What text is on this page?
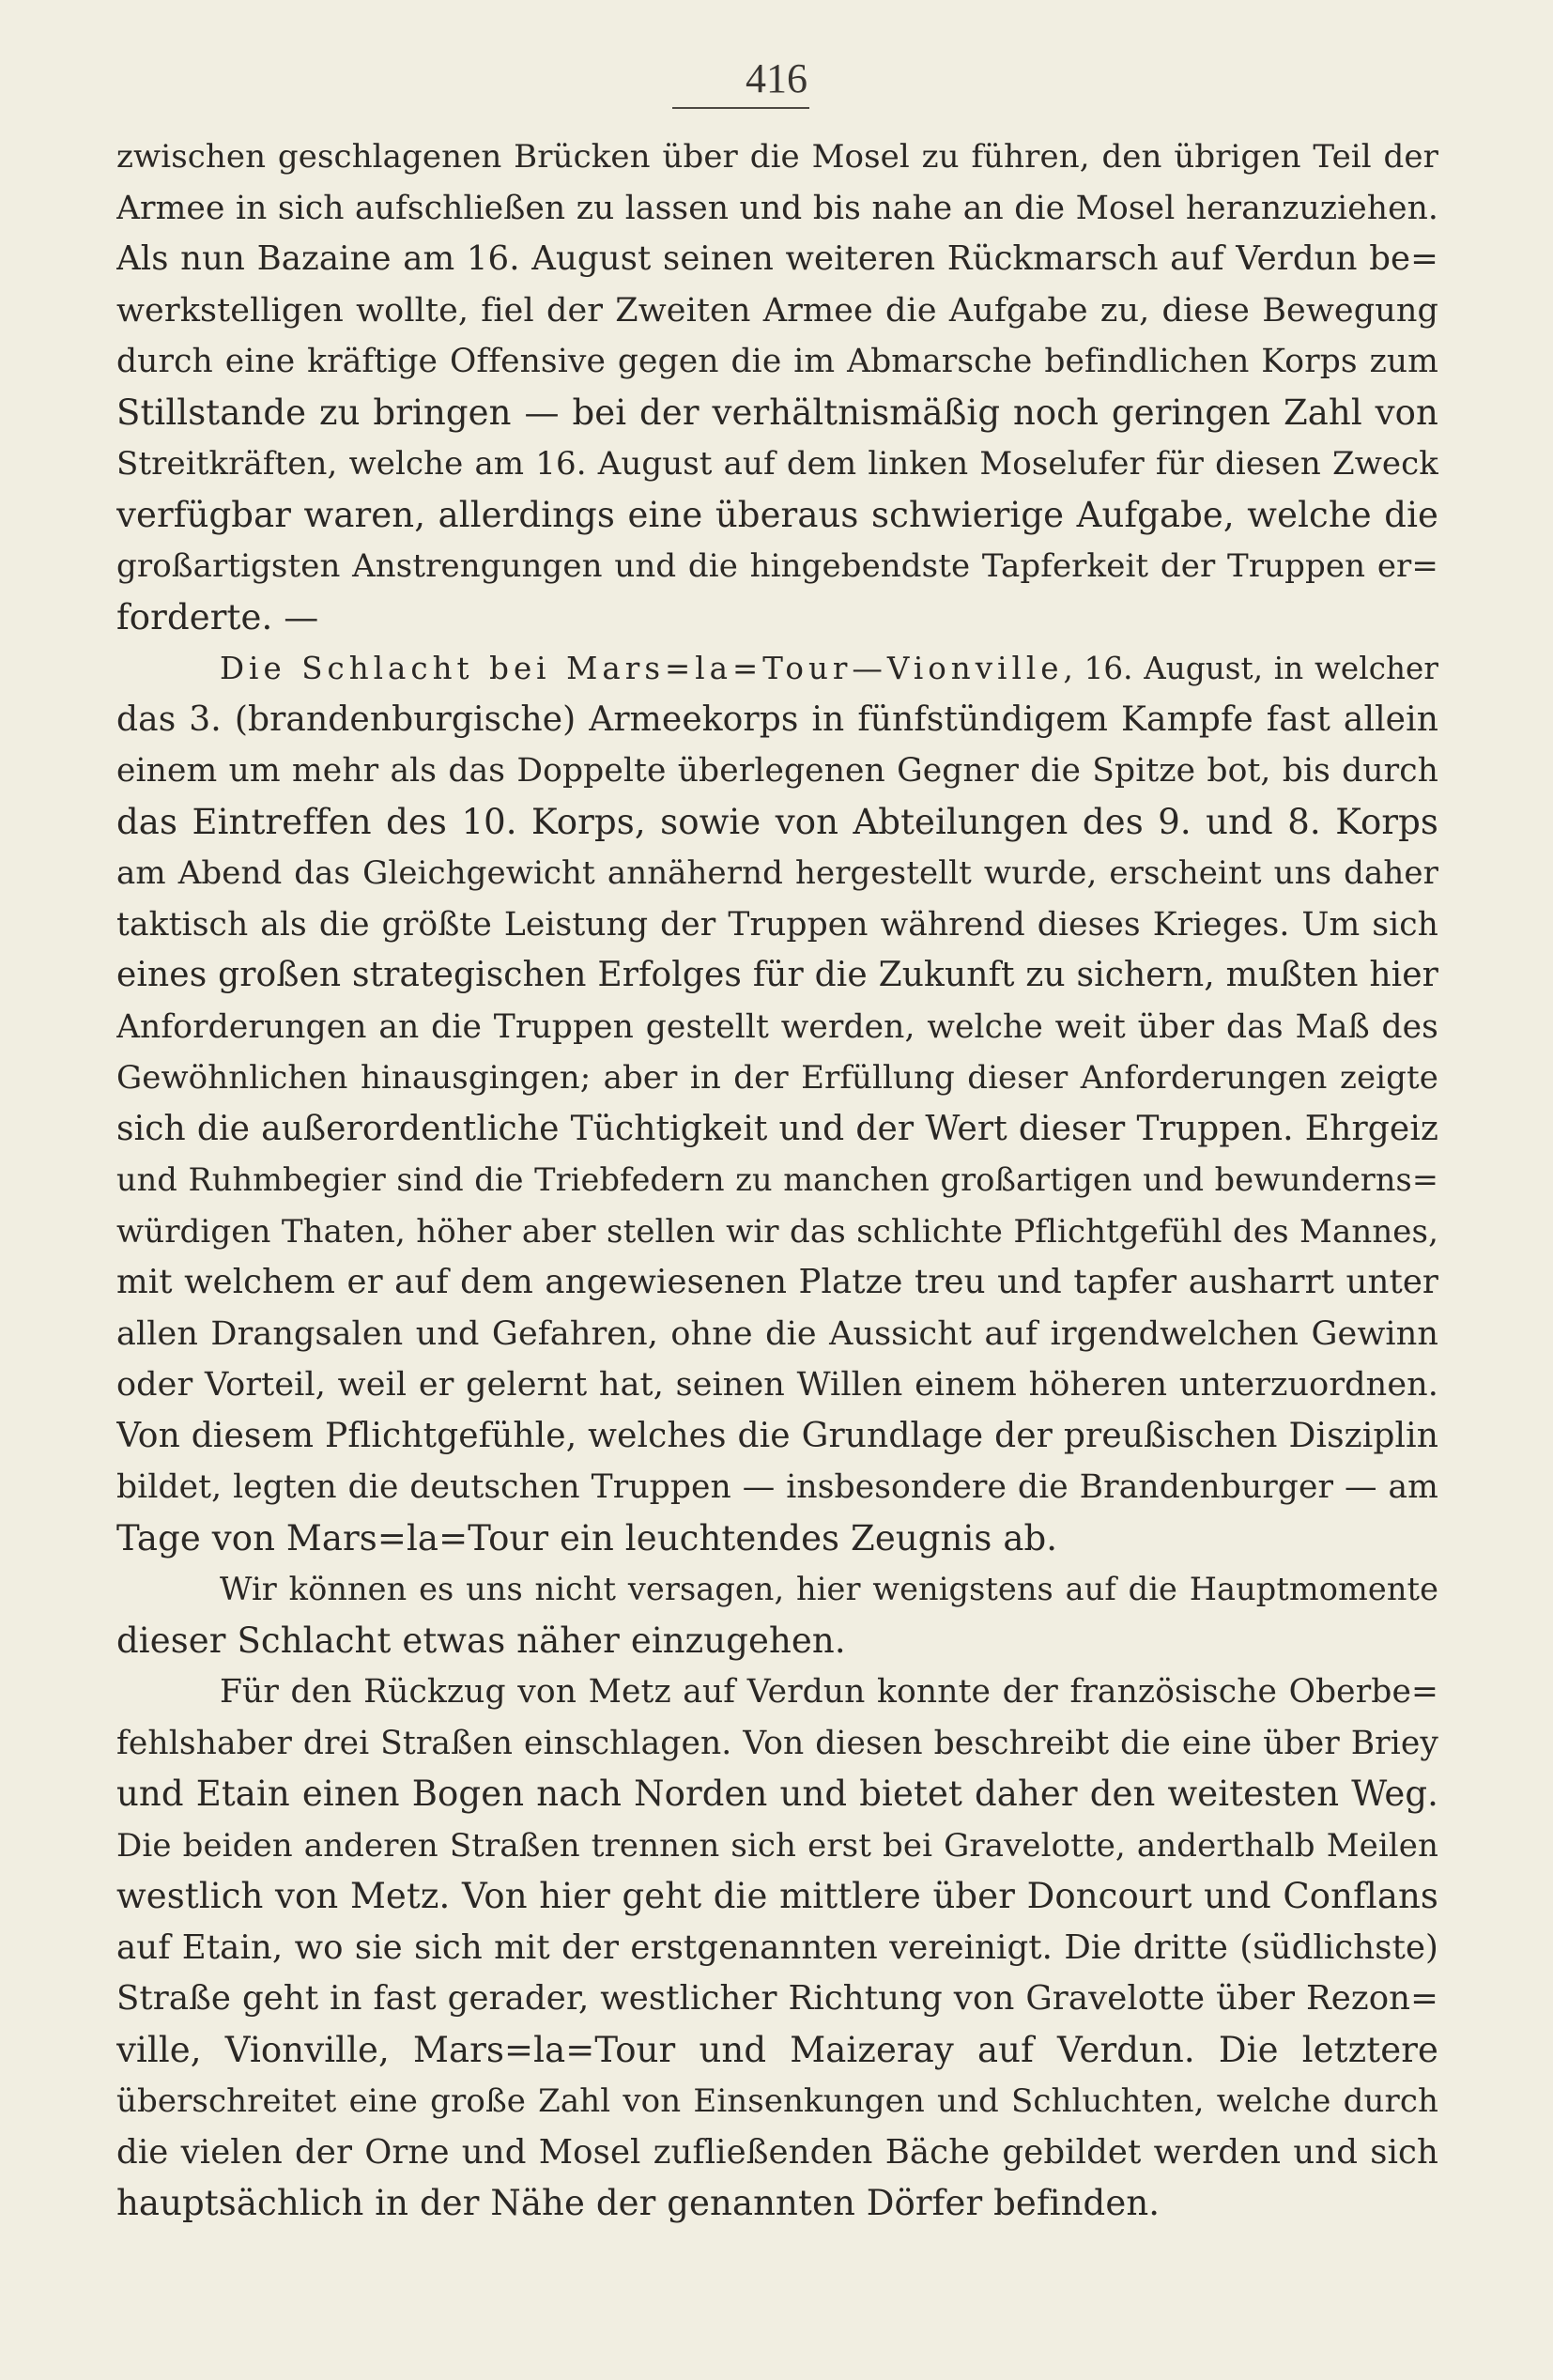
416
zwischen geschlagenen Brücken über die Mosel zu führen, den übrigen Teil der
Armee in sich aufschließen zu lassen und bis nahe an die Mosel heranzuziehen.
Als nun Bazaine am 16. August seinen weiteren Rückmarsch auf Verdun be=
werkstelligen wollte, fiel der Zweiten Armee die Aufgabe zu, diese Bewegung
durch eine kräftige Offensive gegen die im Abmarsche befindlichen Korps zum
Stillstande zu bringen — bei der verhältnismäßig noch geringen Zahl von
Streitkräften, welche am 16. August auf dem linken Moselufer für diesen Zweck
verfügbar waren, allerdings eine überaus schwierige Aufgabe, welche die
großartigsten Anstrengungen und die hingebendste Tapferkeit der Truppen er=
forderte. —
Die Schlacht bei Mars=la=Tour—Vionville, 16. August, in welcher
das 3. (brandenburgische) Armeekorps in fünfstündigem Kampfe fast allein
einem um mehr als das Doppelte überlegenen Gegner die Spitze bot, bis durch
das Eintreffen des 10. Korps, sowie von Abteilungen des 9. und 8. Korps
am Abend das Gleichgewicht annähernd hergestellt wurde, erscheint uns daher
taktisch als die größte Leistung der Truppen während dieses Krieges. Um sich
eines großen strategischen Erfolges für die Zukunft zu sichern, mußten hier
Anforderungen an die Truppen gestellt werden, welche weit über das Maß des
Gewöhnlichen hinausgingen; aber in der Erfüllung dieser Anforderungen zeigte
sich die außerordentliche Tüchtigkeit und der Wert dieser Truppen. Ehrgeiz
und Ruhmbegier sind die Triebfedern zu manchen großartigen und bewunderns=
würdigen Thaten, höher aber stellen wir das schlichte Pflichtgefühl des Mannes,
mit welchem er auf dem angewiesenen Platze treu und tapfer ausharrt unter
allen Drangsalen und Gefahren, ohne die Aussicht auf irgendwelchen Gewinn
oder Vorteil, weil er gelernt hat, seinen Willen einem höheren unterzuordnen.
Von diesem Pflichtgefühle, welches die Grundlage der preußischen Disziplin
bildet, legten die deutschen Truppen — insbesondere die Brandenburger — am
Tage von Mars=la=Tour ein leuchtendes Zeugnis ab.
Wir können es uns nicht versagen, hier wenigstens auf die Hauptmomente
dieser Schlacht etwas näher einzugehen.
Für den Rückzug von Metz auf Verdun konnte der französische Oberbe=
fehlshaber drei Straßen einschlagen. Von diesen beschreibt die eine über Briey
und Etain einen Bogen nach Norden und bietet daher den weitesten Weg.
Die beiden anderen Straßen trennen sich erst bei Gravelotte, anderthalb Meilen
westlich von Metz. Von hier geht die mittlere über Doncourt und Conflans
auf Etain, wo sie sich mit der erstgenannten vereinigt. Die dritte (südlichste)
Straße geht in fast gerader, westlicher Richtung von Gravelotte über Rezon=
ville, Vionville, Mars=la=Tour und Maizeray auf Verdun. Die letztere
überschreitet eine große Zahl von Einsenkungen und Schluchten, welche durch
die vielen der Orne und Mosel zufließenden Bäche gebildet werden und sich
hauptsächlich in der Nähe der genannten Dörfer befinden.
